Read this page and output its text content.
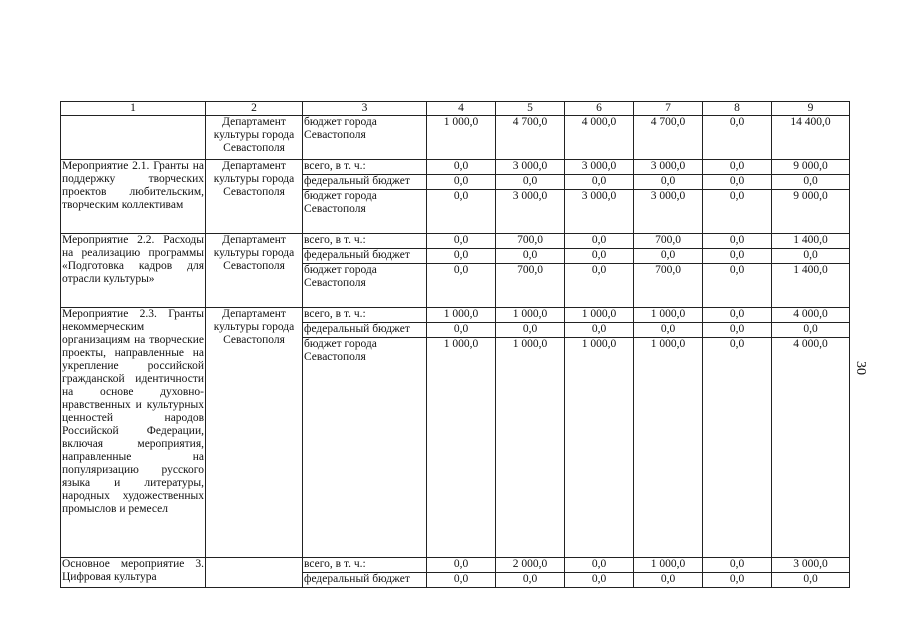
1	2	3	4	5	6	7	8	9
	Департамент культуры города Севастополя	бюджет города Севастополя	1 000,0	4 700,0	4 000,0	4 700,0	0,0	14 400,0
Мероприятие 2.1. Гранты на поддержку творческих проектов любительским, творческим коллективам	Департамент культуры города Севастополя	всего, в т. ч.:	0,0	3 000,0	3 000,0	3 000,0	0,0	9 000,0
		федеральный бюджет	0,0	0,0	0,0	0,0	0,0	0,0
		бюджет города Севастополя	0,0	3 000,0	3 000,0	3 000,0	0,0	9 000,0
Мероприятие 2.2. Расходы на реализацию программы «Подготовка кадров для отрасли культуры»	Департамент культуры города Севастополя	всего, в т. ч.:	0,0	700,0	0,0	700,0	0,0	1 400,0
		федеральный бюджет	0,0	0,0	0,0	0,0	0,0	0,0
		бюджет города Севастополя	0,0	700,0	0,0	700,0	0,0	1 400,0
Мероприятие 2.3. Гранты некоммерческим организациям на творческие проекты, направленные на укрепление российской гражданской идентичности на основе духовно-нравственных и культурных ценностей народов Российской Федерации, включая мероприятия, направленные на популяризацию русского языка и литературы, народных художественных промыслов и ремесел	Департамент культуры города Севастополя	всего, в т. ч.:	1 000,0	1 000,0	1 000,0	1 000,0	0,0	4 000,0
		федеральный бюджет	0,0	0,0	0,0	0,0	0,0	0,0
		бюджет города Севастополя	1 000,0	1 000,0	1 000,0	1 000,0	0,0	4 000,0
Основное мероприятие 3. Цифровая культура		всего, в т. ч.:	0,0	2 000,0	0,0	1 000,0	0,0	3 000,0
		федеральный бюджет	0,0	0,0	0,0	0,0	0,0	0,0
30
